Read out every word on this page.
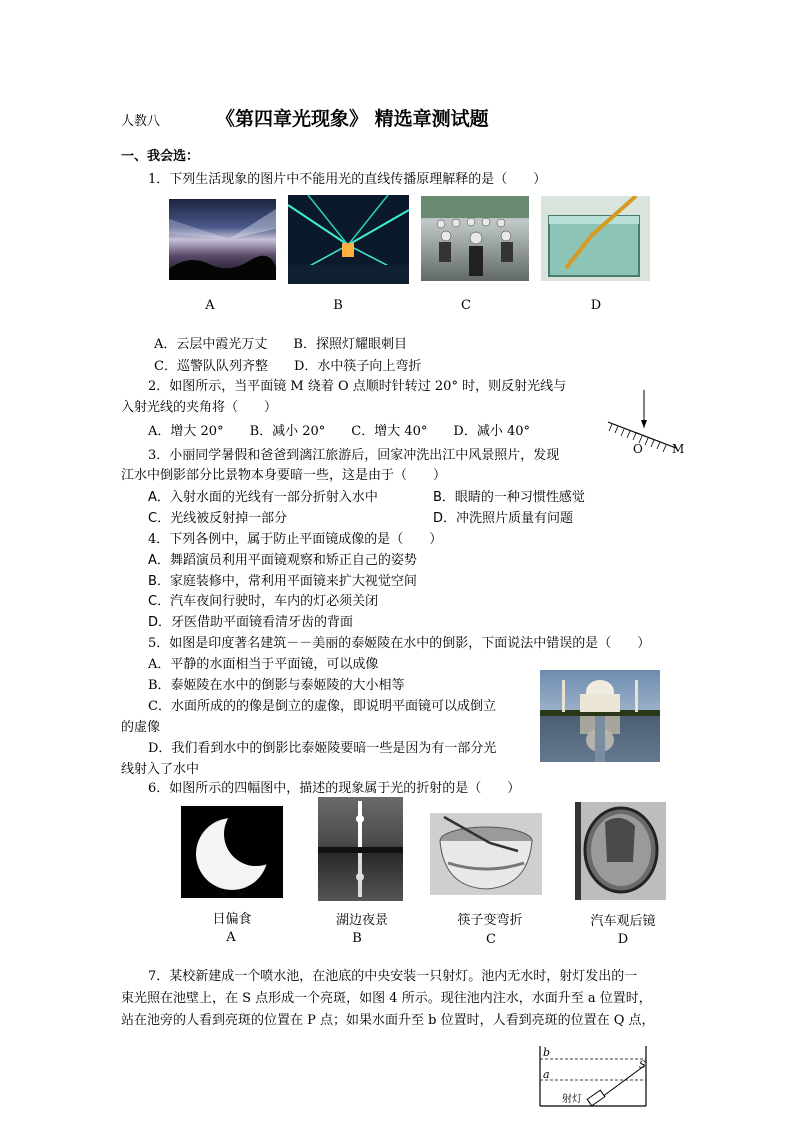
人教八	《第四章光现象》 精选章测试题
一、我会选：
1．下列生活现象的图片中不能用光的直线传播原理解释的是（　　）
A	B	C	D
A．云层中霞光万丈　　B．探照灯耀眼刺目
C．巡警队队列齐整　　D．水中筷子向上弯折
2．如图所示，当平面镜 M 绕着 O 点顺时针转过 20° 时，则反射光线与
入射光线的夹角将（　　）
A．增大 20°　　B．减小 20°　　C．增大 40°　　D．减小 40°
O M
3．小丽同学暑假和爸爸到漓江旅游后，回家冲洗出江中风景照片，发现
江水中倒影部分比景物本身要暗一些，这是由于（　　）
A．入射水面的光线有一部分折射入水中	B．眼睛的一种习惯性感觉
C．光线被反射掉一部分	D．冲洗照片质量有问题
4．下列各例中，属于防止平面镜成像的是（　　）
A．舞蹈演员利用平面镜观察和矫正自己的姿势
B．家庭装修中，常利用平面镜来扩大视觉空间
C．汽车夜间行驶时，车内的灯必须关闭
D．牙医借助平面镜看清牙齿的背面
5．如图是印度著名建筑－－美丽的泰姬陵在水中的倒影，下面说法中错误的是（　　）
A．平静的水面相当于平面镜，可以成像
B．泰姬陵在水中的倒影与泰姬陵的大小相等
C．水面所成的的像是倒立的虚像，即说明平面镜可以成倒立
的虚像
D．我们看到水中的倒影比泰姬陵要暗一些是因为有一部分光
线射入了水中
6．如图所示的四幅图中，描述的现象属于光的折射的是（　　）
日偏食	湖边夜景	筷子变弯折	汽车观后镜
A	B	C	D
7．某校新建成一个喷水池，在池底的中央安装一只射灯。池内无水时，射灯发出的一
束光照在池壁上，在 S 点形成一个亮斑，如图 4 所示。现往池内注水，水面升至 a 位置时，
站在池旁的人看到亮斑的位置在 P 点；如果水面升至 b 位置时，人看到亮斑的位置在 Q 点，
b
a
S
射灯
